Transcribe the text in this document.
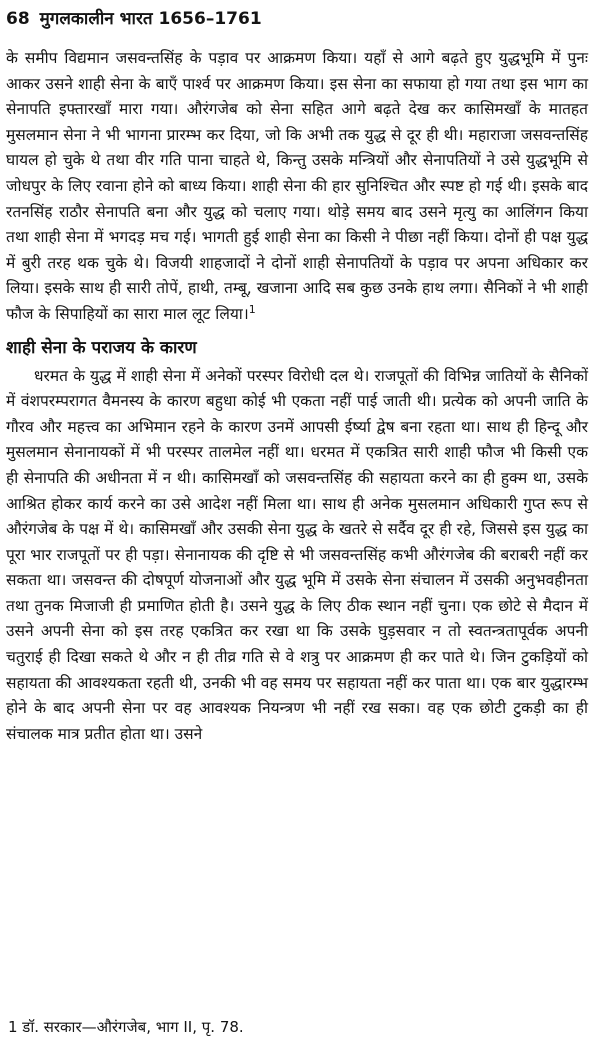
68 मुगलकालीन भारत 1656–1761

के समीप विद्यमान जसवन्तसिंह के पड़ाव पर आक्रमण किया। यहाँ से आगे बढ़ते हुए युद्धभूमि में पुनः आकर उसने शाही सेना के बाएँ पार्श्व पर आक्रमण किया। इस सेना का सफाया हो गया तथा इस भाग का सेनापति इफ्तारखाँ मारा गया। औरंगजेब को सेना सहित आगे बढ़ते देख कर कासिमखाँ के मातहत मुसलमान सेना ने भी भागना प्रारम्भ कर दिया, जो कि अभी तक युद्ध से दूर ही थी। महाराजा जसवन्तसिंह घायल हो चुके थे तथा वीर गति पाना चाहते थे, किन्तु उसके मन्त्रियों और सेनापतियों ने उसे युद्धभूमि से जोधपुर के लिए रवाना होने को बाध्य किया। शाही सेना की हार सुनिश्चित और स्पष्ट हो गई थी। इसके बाद रतनसिंह राठौर सेनापति बना और युद्ध को चलाए गया। थोड़े समय बाद उसने मृत्यु का आलिंगन किया तथा शाही सेना में भगदड़ मच गई। भागती हुई शाही सेना का किसी ने पीछा नहीं किया। दोनों ही पक्ष युद्ध में बुरी तरह थक चुके थे। विजयी शाहजादों ने दोनों शाही सेनापतियों के पड़ाव पर अपना अधिकार कर लिया। इसके साथ ही सारी तोपें, हाथी, तम्बू, खजाना आदि सब कुछ उनके हाथ लगा। सैनिकों ने भी शाही फौज के सिपाहियों का सारा माल लूट लिया।$^1$

शाही सेना के पराजय के कारण

धरमत के युद्ध में शाही सेना में अनेकों परस्पर विरोधी दल थे। राजपूतों की विभिन्न जातियों के सैनिकों में वंशपरम्परागत वैमनस्य के कारण बहुधा कोई भी एकता नहीं पाई जाती थी। प्रत्येक को अपनी जाति के गौरव और महत्त्व का अभिमान रहने के कारण उनमें आपसी ईर्ष्या द्वेष बना रहता था। साथ ही हिन्दू और मुसलमान सेनानायकों में भी परस्पर तालमेल नहीं था। धरमत में एकत्रित सारी शाही फौज भी किसी एक ही सेनापति की अधीनता में न थी। कासिमखाँ को जसवन्तसिंह की सहायता करने का ही हुक्म था, उसके आश्रित होकर कार्य करने का उसे आदेश नहीं मिला था। साथ ही अनेक मुसलमान अधिकारी गुप्त रूप से औरंगजेब के पक्ष में थे। कासिमखाँ और उसकी सेना युद्ध के खतरे से सर्दैव दूर ही रहे, जिससे इस युद्ध का पूरा भार राजपूतों पर ही पड़ा। सेनानायक की दृष्टि से भी जसवन्तसिंह कभी औरंगजेब की बराबरी नहीं कर सकता था। जसवन्त की दोषपूर्ण योजनाओं और युद्ध भूमि में उसके सेना संचालन में उसकी अनुभवहीनता तथा तुनक मिजाजी ही प्रमाणित होती है। उसने युद्ध के लिए ठीक स्थान नहीं चुना। एक छोटे से मैदान में उसने अपनी सेना को इस तरह एकत्रित कर रखा था कि उसके घुड़सवार न तो स्वतन्त्रतापूर्वक अपनी चतुराई ही दिखा सकते थे और न ही तीव्र गति से वे शत्रु पर आक्रमण ही कर पाते थे। जिन टुकड़ियों को सहायता की आवश्यकता रहती थी, उनकी भी वह समय पर सहायता नहीं कर पाता था। एक बार युद्धारम्भ होने के बाद अपनी सेना पर वह आवश्यक नियन्त्रण भी नहीं रख सका। वह एक छोटी टुकड़ी का ही संचालक मात्र प्रतीत होता था। उसने

1 डॉ. सरकार—औरंगजेब, भाग II, पृ. 78.
